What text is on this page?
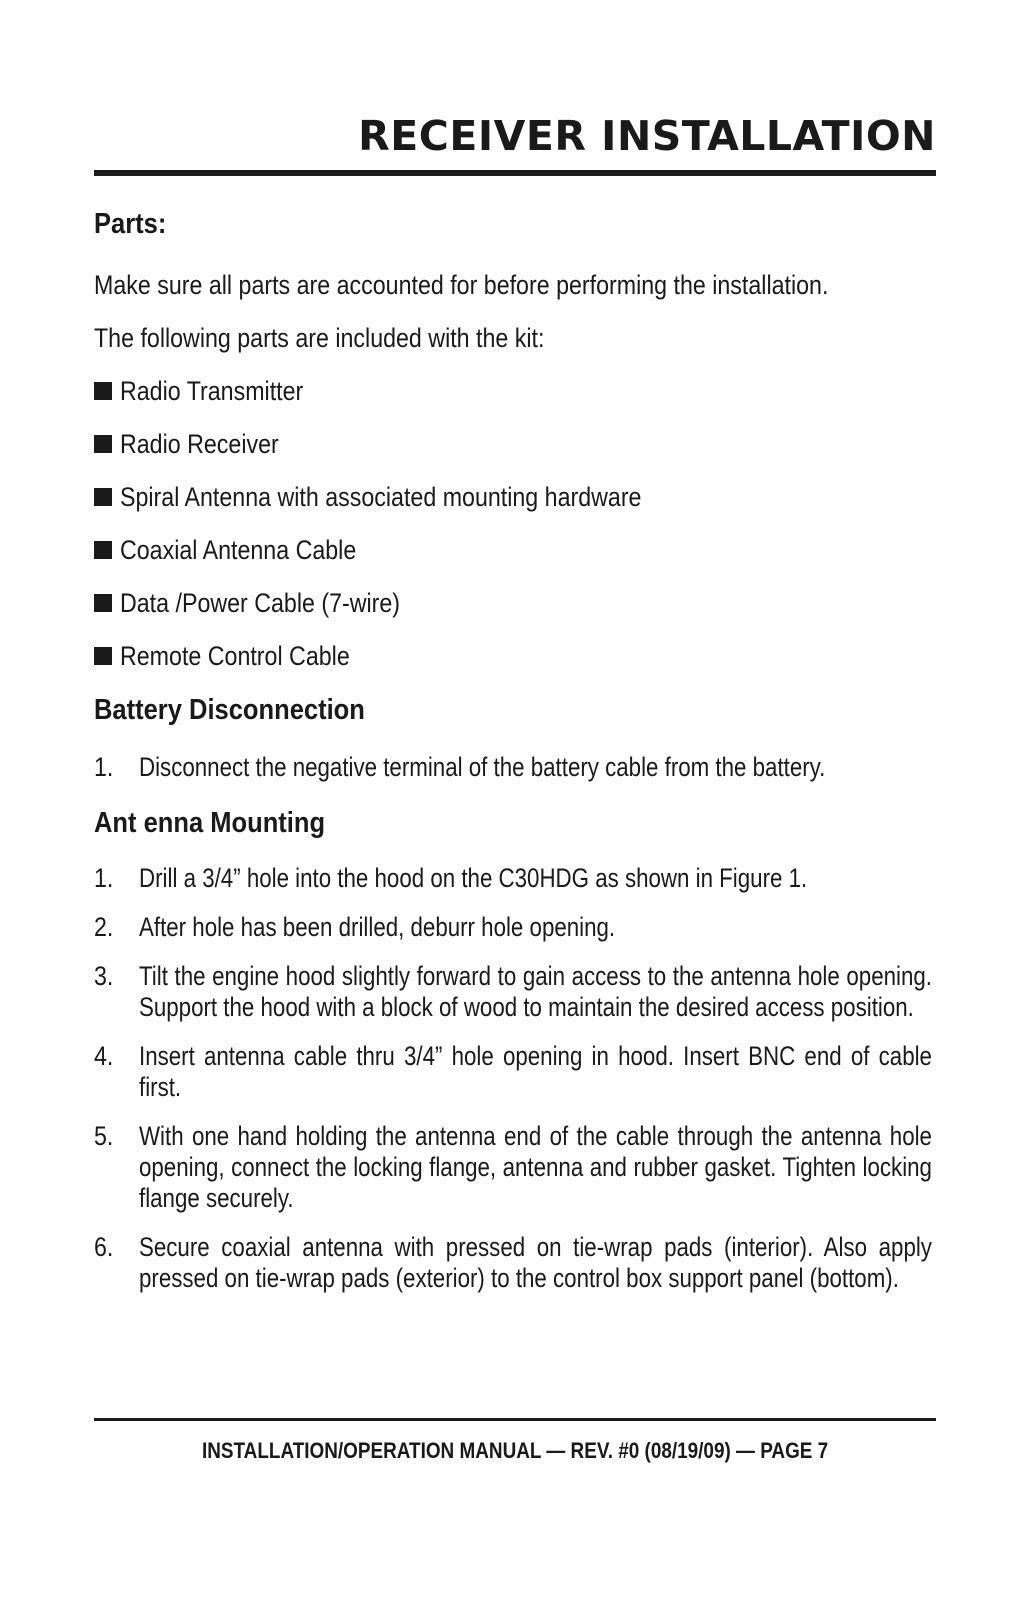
RECEIVER INSTALLATION
Parts:

Make sure all parts are accounted for before performing the installation.

The following parts are included with the kit:

Radio Transmitter
Radio Receiver
Spiral Antenna with associated mounting hardware
Coaxial Antenna Cable
Data /Power Cable (7-wire)
Remote Control Cable
Battery Disconnection
1. Disconnect the negative terminal of the battery cable from the battery.
Ant enna Mounting
1. Drill a 3/4” hole into the hood on the C30HDG as shown in Figure 1.
2. After hole has been drilled, deburr hole opening.
3. Tilt the engine hood slightly forward to gain access to the antenna hole opening. Support the hood with a block of wood to maintain the desired access position.
4. Insert antenna cable thru 3/4” hole opening in hood. Insert BNC end of cable first.
5. With one hand holding the antenna end of the cable through the antenna hole opening, connect the locking flange, antenna and rubber gasket. Tighten locking flange securely.
6. Secure coaxial antenna with pressed on tie-wrap pads (interior). Also apply pressed on tie-wrap pads (exterior) to the control box support panel (bottom).
INSTALLATION/OPERATION MANUAL — REV. #0 (08/19/09) — PAGE 7
